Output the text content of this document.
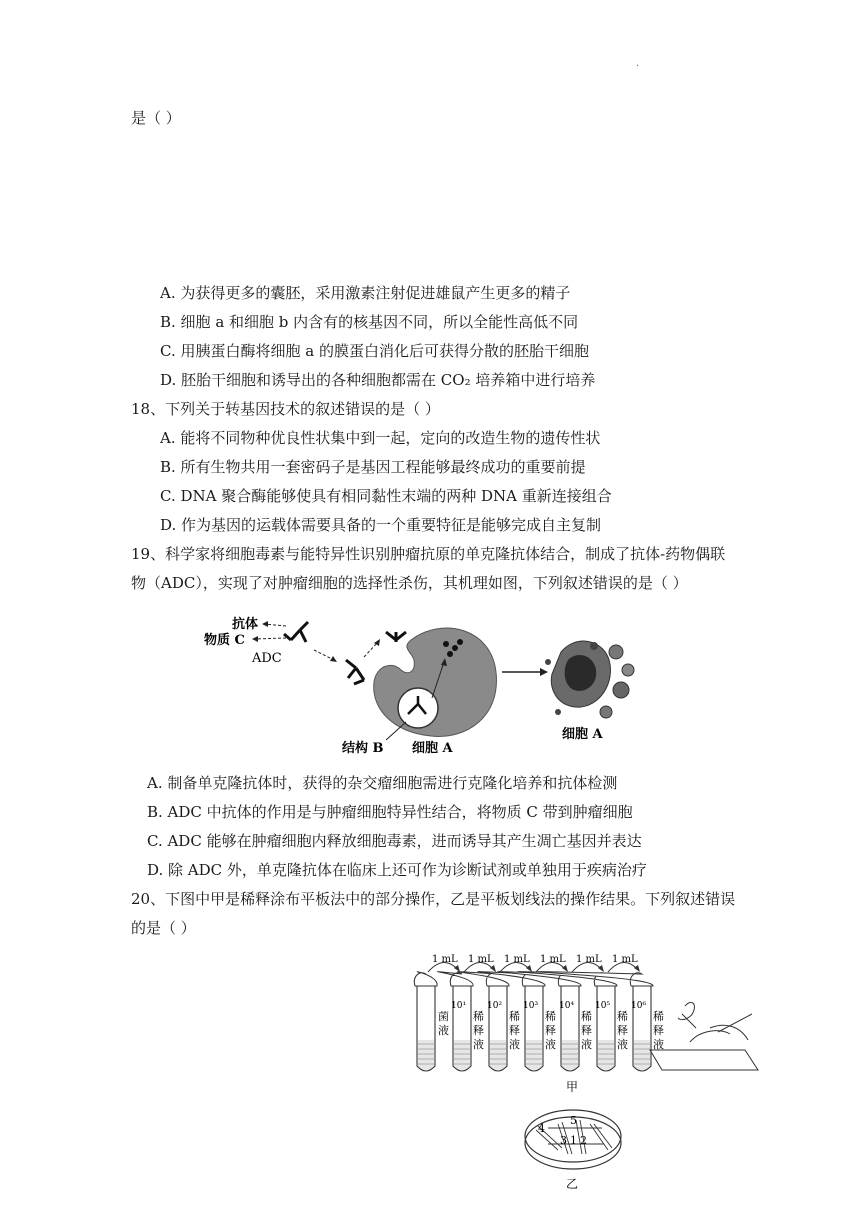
.
是（ ）
A. 为获得更多的囊胚，采用激素注射促进雄鼠产生更多的精子
B. 细胞 a 和细胞 b 内含有的核基因不同，所以全能性高低不同
C. 用胰蛋白酶将细胞 a 的膜蛋白消化后可获得分散的胚胎干细胞
D. 胚胎干细胞和诱导出的各种细胞都需在 CO₂ 培养箱中进行培养
18、下列关于转基因技术的叙述错误的是（ ）
A. 能将不同物种优良性状集中到一起，定向的改造生物的遗传性状
B. 所有生物共用一套密码子是基因工程能够最终成功的重要前提
C. DNA 聚合酶能够使具有相同黏性末端的两种 DNA 重新连接组合
D. 作为基因的运载体需要具备的一个重要特征是能够完成自主复制
19、科学家将细胞毒素与能特异性识别肿瘤抗原的单克隆抗体结合，制成了抗体-药物偶联
物（ADC），实现了对肿瘤细胞的选择性杀伤，其机理如图，下列叙述错误的是（ ）
抗体
物质 C
ADC
结构 B 细胞 A
细胞 A
A. 制备单克隆抗体时，获得的杂交瘤细胞需进行克隆化培养和抗体检测
B. ADC 中抗体的作用是与肿瘤细胞特异性结合，将物质 C 带到肿瘤细胞
C. ADC 能够在肿瘤细胞内释放细胞毒素，进而诱导其产生凋亡基因并表达
D. 除 ADC 外，单克隆抗体在临床上还可作为诊断试剂或单独用于疾病治疗
20、下图中甲是稀释涂布平板法中的部分操作，乙是平板划线法的操作结果。下列叙述错误
的是（ ）
1 mL 1 mL 1 mL 1 mL 1 mL 1 mL
菌
液
10¹
稀
释
液
10²
稀
释
液
10³
稀
释
液
10⁴
稀
释
液
10⁵
稀
释
液
10⁶
稀
释
液
甲
1 2
3
4
5
乙
